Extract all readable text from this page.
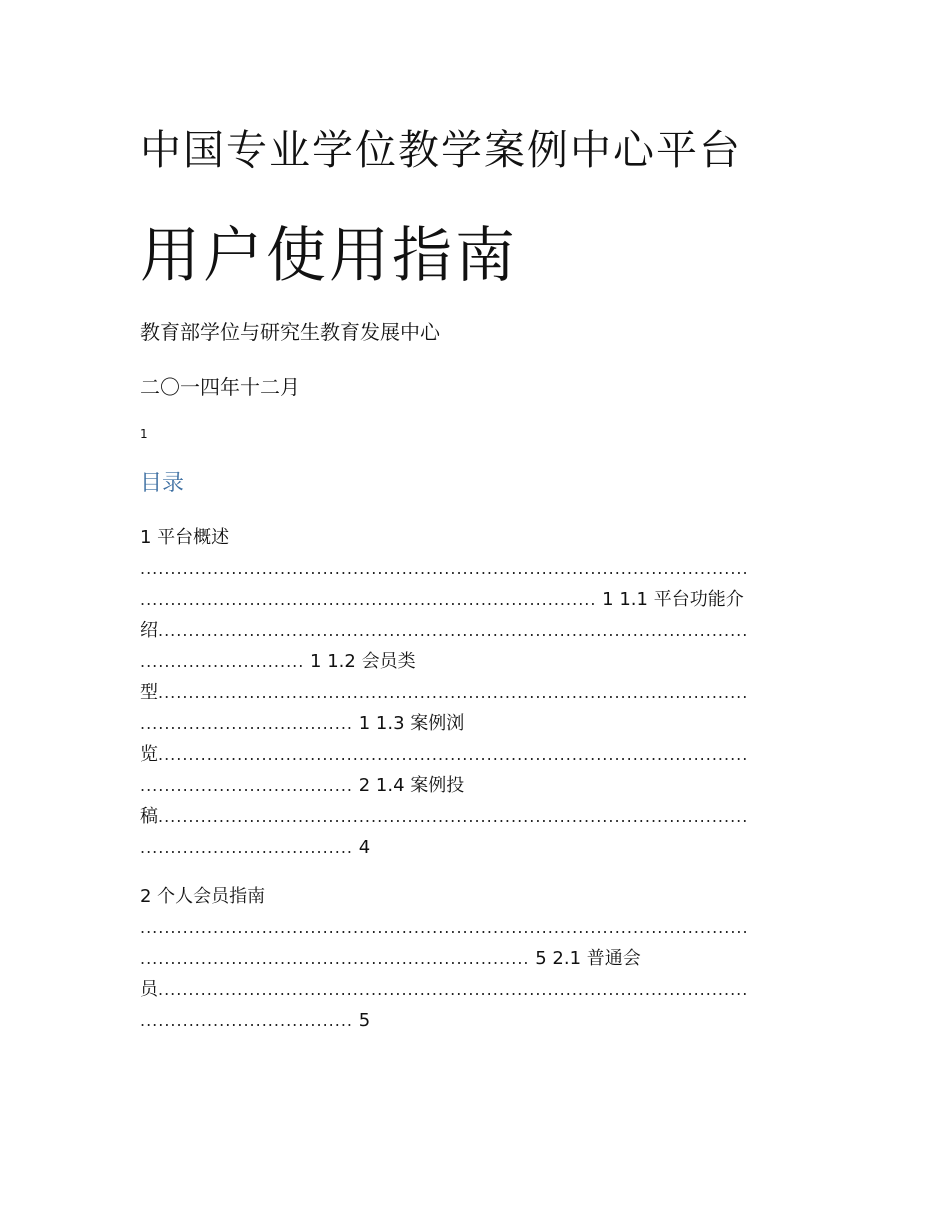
中国专业学位教学案例中心平台
用户使用指南
教育部学位与研究生教育发展中心
二〇一四年十二月
1
目录
1 平台概述
....................................................................................................
........................................................................... 1 1.1 平台功能介
绍.................................................................................................
........................... 1 1.2 会员类
型.................................................................................................
................................... 1 1.3 案例浏
览.................................................................................................
................................... 2 1.4 案例投
稿.................................................................................................
................................... 4
2 个人会员指南
....................................................................................................
................................................................ 5 2.1 普通会
员.................................................................................................
................................... 5
